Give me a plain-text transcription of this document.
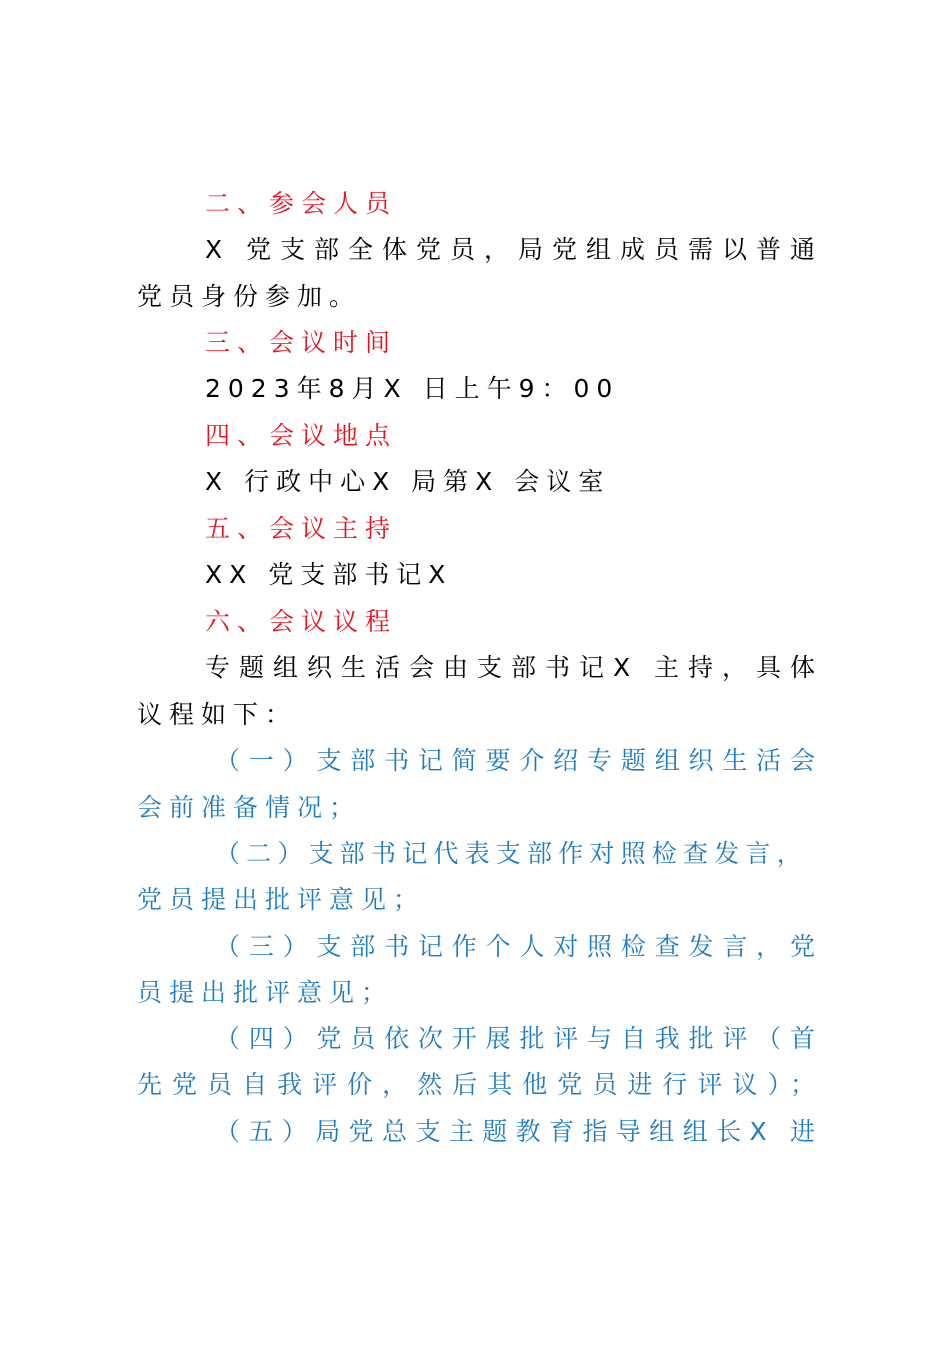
二、参会人员
X 党支部全体党员，局党组成员需以普通
党员身份参加。
三、会议时间
2023年8月X 日上午9：00
四、会议地点
X 行政中心X 局第X 会议室
五、会议主持
XX 党支部书记X
六、会议议程
专题组织生活会由支部书记X 主持，具体
议程如下：
（一）支部书记简要介绍专题组织生活会
会前准备情况；
（二）支部书记代表支部作对照检查发言，
党员提出批评意见；
（三）支部书记作个人对照检查发言，党
员提出批评意见；
（四）党员依次开展批评与自我批评（首
先党员自我评价，然后其他党员进行评议）；
（五）局党总支主题教育指导组组长X 进
